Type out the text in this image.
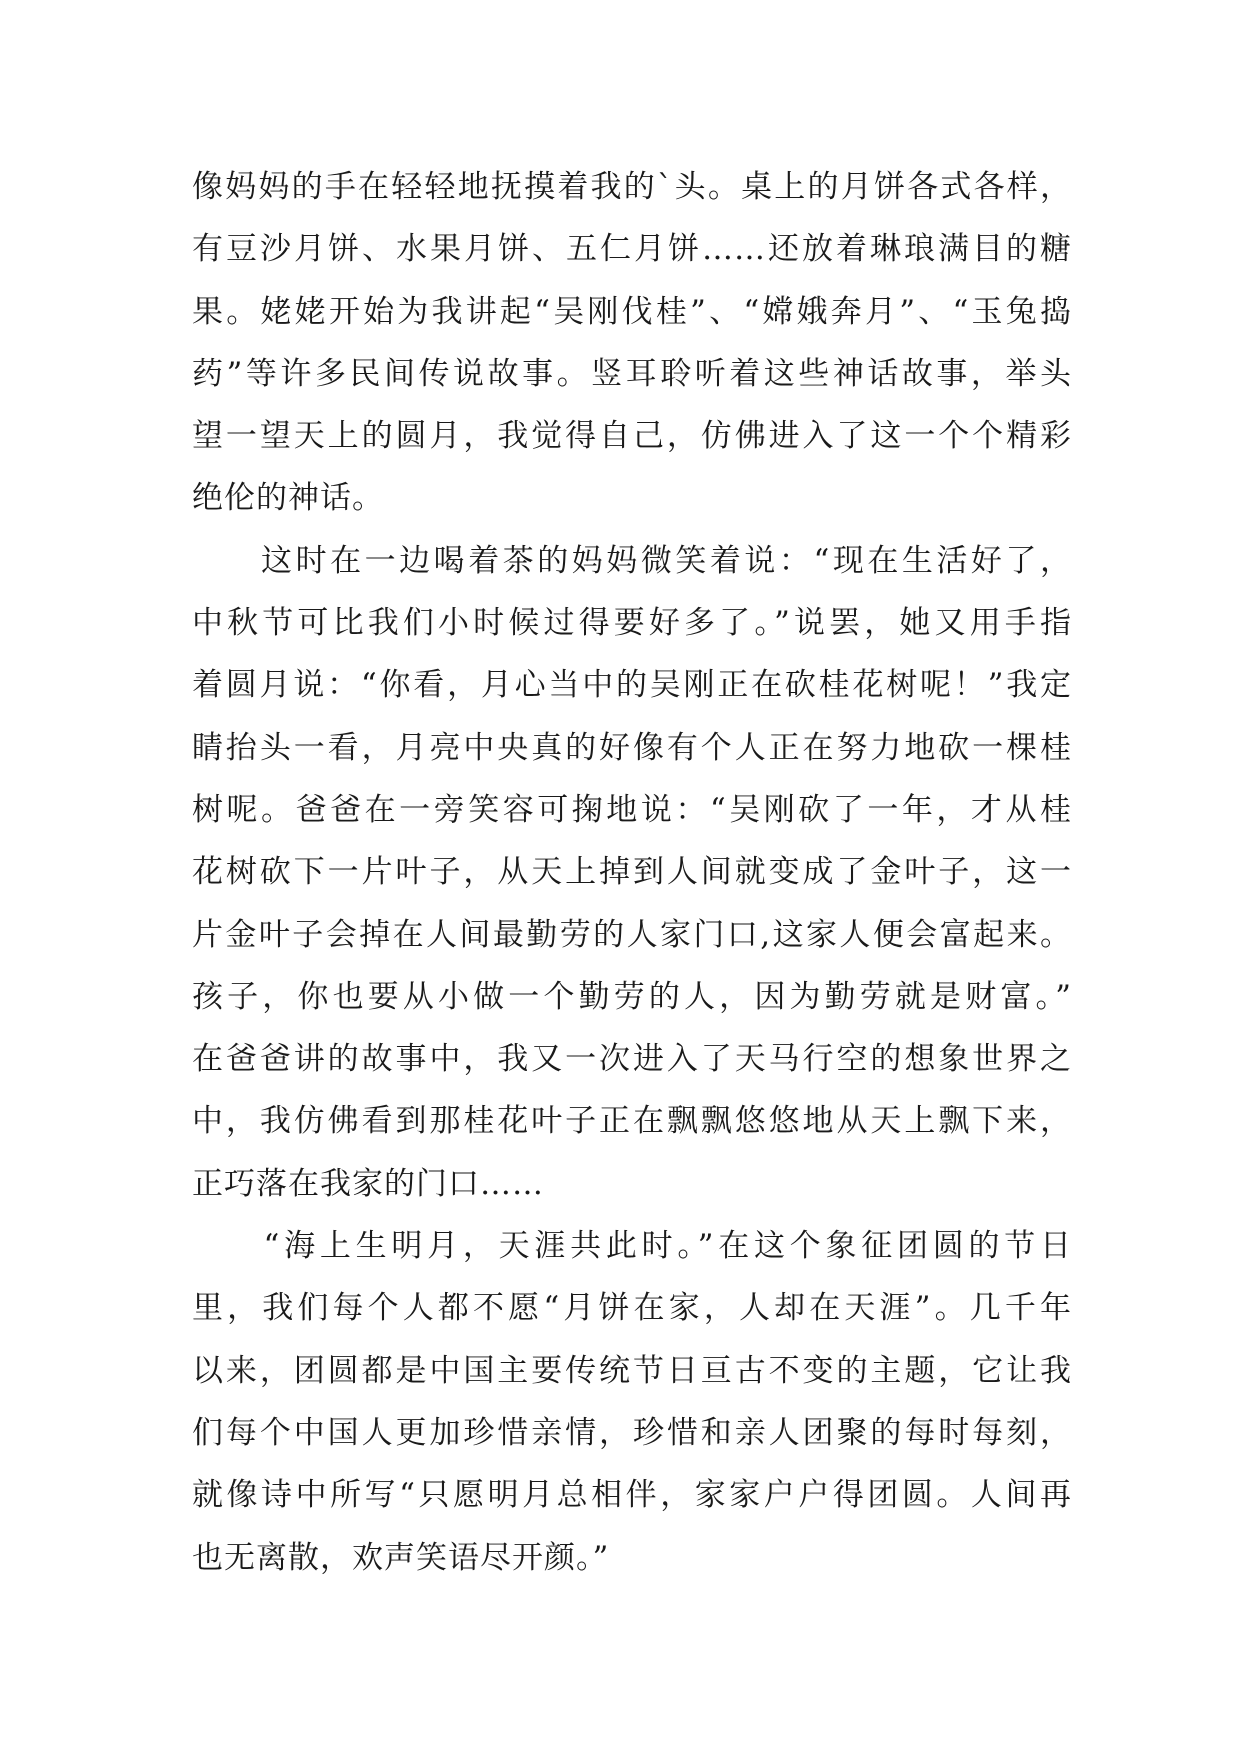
像妈妈的手在轻轻地抚摸着我的`头。桌上的月饼各式各样，
有豆沙月饼、水果月饼、五仁月饼……还放着琳琅满目的糖
果。姥姥开始为我讲起“吴刚伐桂”、“嫦娥奔月”、“玉兔捣
药”等许多民间传说故事。竖耳聆听着这些神话故事，举头
望一望天上的圆月，我觉得自己，仿佛进入了这一个个精彩
绝伦的神话。
　　这时在一边喝着茶的妈妈微笑着说：“现在生活好了，
中秋节可比我们小时候过得要好多了。”说罢，她又用手指
着圆月说：“你看，月心当中的吴刚正在砍桂花树呢！”我定
睛抬头一看，月亮中央真的好像有个人正在努力地砍一棵桂
树呢。爸爸在一旁笑容可掬地说：“吴刚砍了一年，才从桂
花树砍下一片叶子，从天上掉到人间就变成了金叶子，这一
片金叶子会掉在人间最勤劳的人家门口,这家人便会富起来。
孩子，你也要从小做一个勤劳的人，因为勤劳就是财富。”
在爸爸讲的故事中，我又一次进入了天马行空的想象世界之
中，我仿佛看到那桂花叶子正在飘飘悠悠地从天上飘下来，
正巧落在我家的门口……
　　“海上生明月，天涯共此时。”在这个象征团圆的节日
里，我们每个人都不愿“月饼在家，人却在天涯”。几千年
以来，团圆都是中国主要传统节日亘古不变的主题，它让我
们每个中国人更加珍惜亲情，珍惜和亲人团聚的每时每刻，
就像诗中所写“只愿明月总相伴，家家户户得团圆。人间再
也无离散，欢声笑语尽开颜。”
